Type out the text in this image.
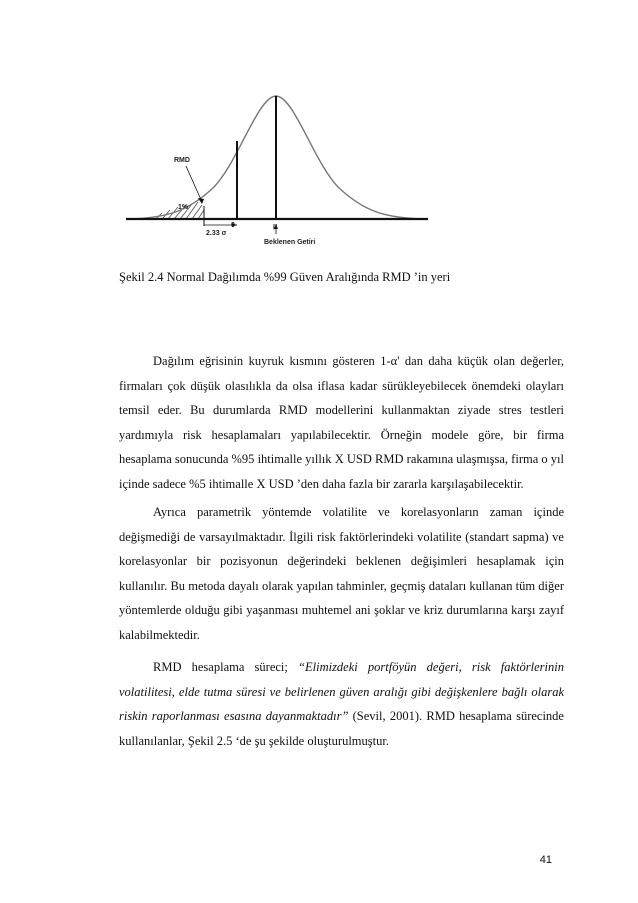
RMD
1%
0	μ
2.33 σ
Beklenen Getiri
Şekil 2.4 Normal Dağılımda %99 Güven Aralığında RMD ’in yeri

Dağılım eğrisinin kuyruk kısmını gösteren 1-α' dan daha küçük olan değerler, firmaları çok düşük olasılıkla da olsa iflasa kadar sürükleyebilecek önemdeki olayları temsil eder. Bu durumlarda RMD modellerini kullanmaktan ziyade stres testleri yardımıyla risk hesaplamaları yapılabilecektir. Örneğin modele göre, bir firma hesaplama sonucunda %95 ihtimalle yıllık X USD RMD rakamına ulaşmışsa, firma o yıl içinde sadece %5 ihtimalle X USD ’den daha fazla bir zararla karşılaşabilecektir.

Ayrıca parametrik yöntemde volatilite ve korelasyonların zaman içinde değişmediği de varsayılmaktadır. İlgili risk faktörlerindeki volatilite (standart sapma) ve korelasyonlar bir pozisyonun değerindeki beklenen değişimleri hesaplamak için kullanılır. Bu metoda dayalı olarak yapılan tahminler, geçmiş dataları kullanan tüm diğer yöntemlerde olduğu gibi yaşanması muhtemel ani şoklar ve kriz durumlarına karşı zayıf kalabilmektedir.

RMD hesaplama süreci; “Elimizdeki portföyün değeri, risk faktörlerinin volatilitesi, elde tutma süresi ve belirlenen güven aralığı gibi değişkenlere bağlı olarak riskin raporlanması esasına dayanmaktadır” (Sevil, 2001). RMD hesaplama sürecinde kullanılanlar, Şekil 2.5 ‘de şu şekilde oluşturulmuştur.

41
